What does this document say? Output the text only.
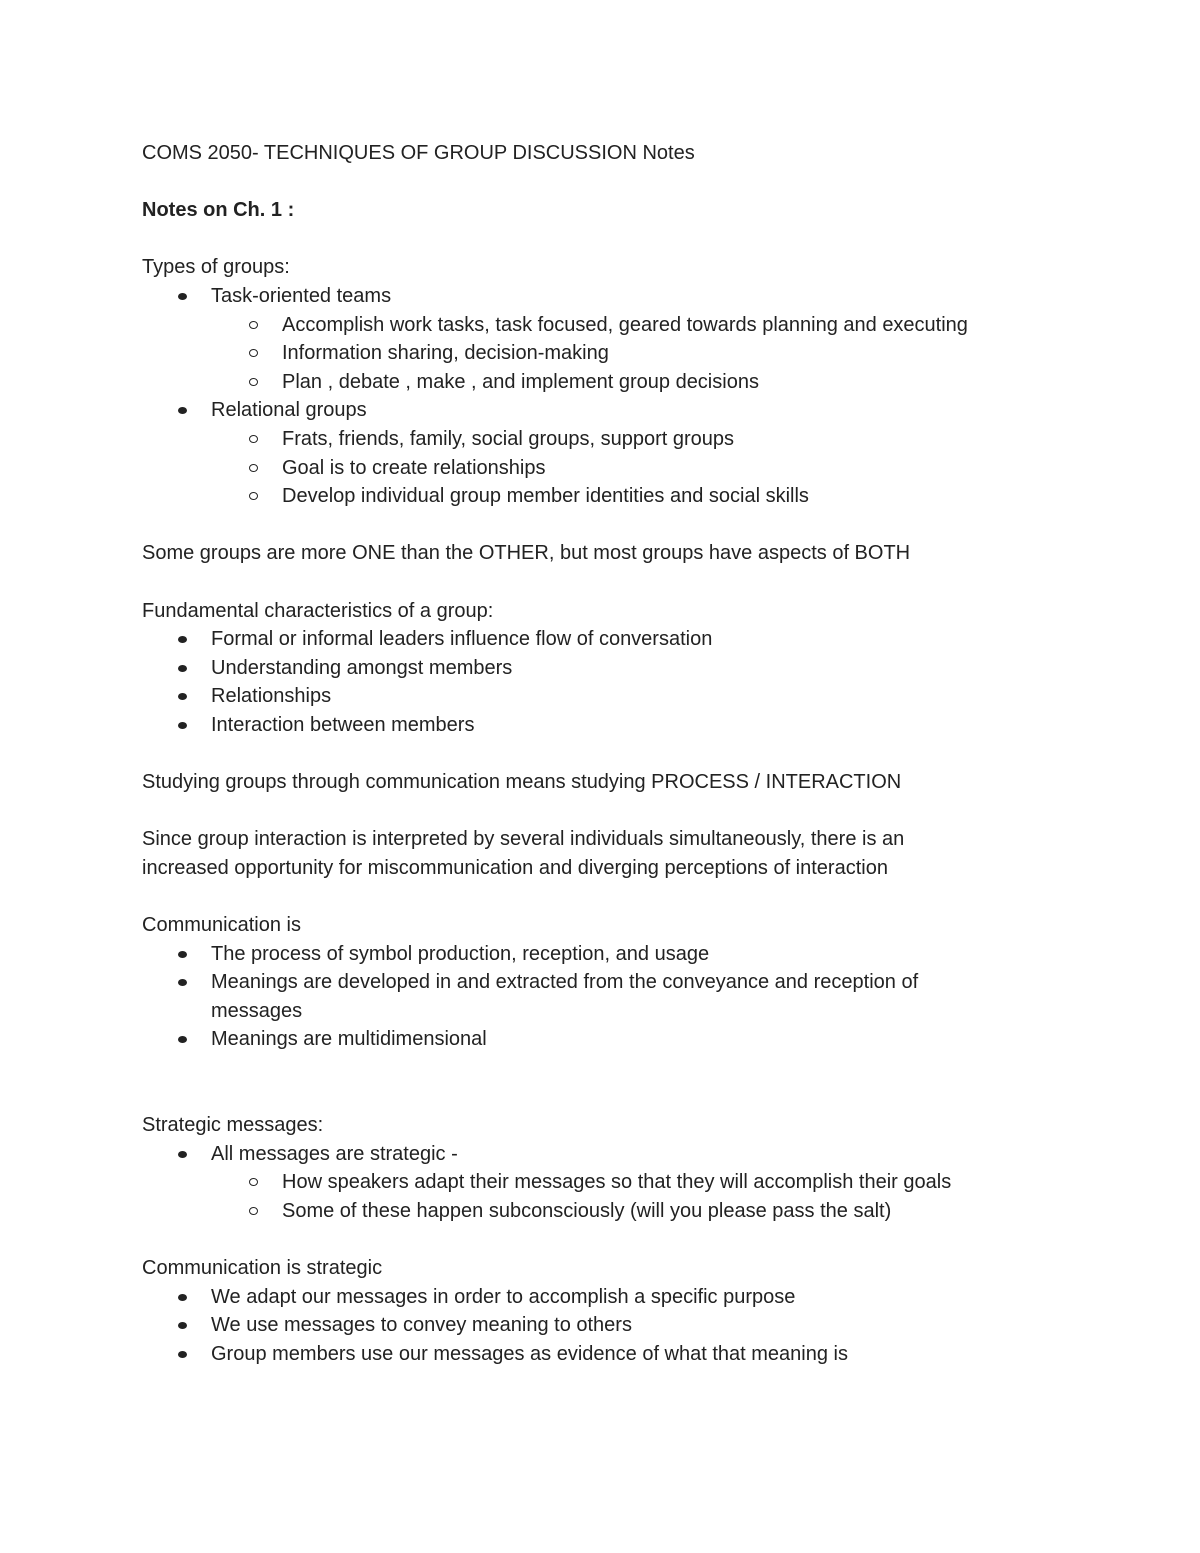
COMS 2050- TECHNIQUES OF GROUP DISCUSSION Notes

Notes on Ch. 1 :

Types of groups:

Task-oriented teams
Accomplish work tasks, task focused, geared towards planning and executing
Information sharing, decision-making
Plan , debate , make , and implement group decisions
Relational groups
Frats, friends, family, social groups, support groups
Goal is to create relationships
Develop individual group member identities and social skills

Some groups are more ONE than the OTHER, but most groups have aspects of BOTH

Fundamental characteristics of a group:

Formal or informal leaders influence flow of conversation
Understanding amongst members
Relationships
Interaction between members

Studying groups through communication means studying PROCESS / INTERACTION

Since group interaction is interpreted by several individuals simultaneously, there is an increased opportunity for miscommunication and diverging perceptions of interaction

Communication is

The process of symbol production, reception, and usage
Meanings are developed in and extracted from the conveyance and reception of messages
Meanings are multidimensional

Strategic messages:

All messages are strategic -
How speakers adapt their messages so that they will accomplish their goals
Some of these happen subconsciously (will you please pass the salt)

Communication is strategic

We adapt our messages in order to accomplish a specific purpose
We use messages to convey meaning to others
Group members use our messages as evidence of what that meaning is
